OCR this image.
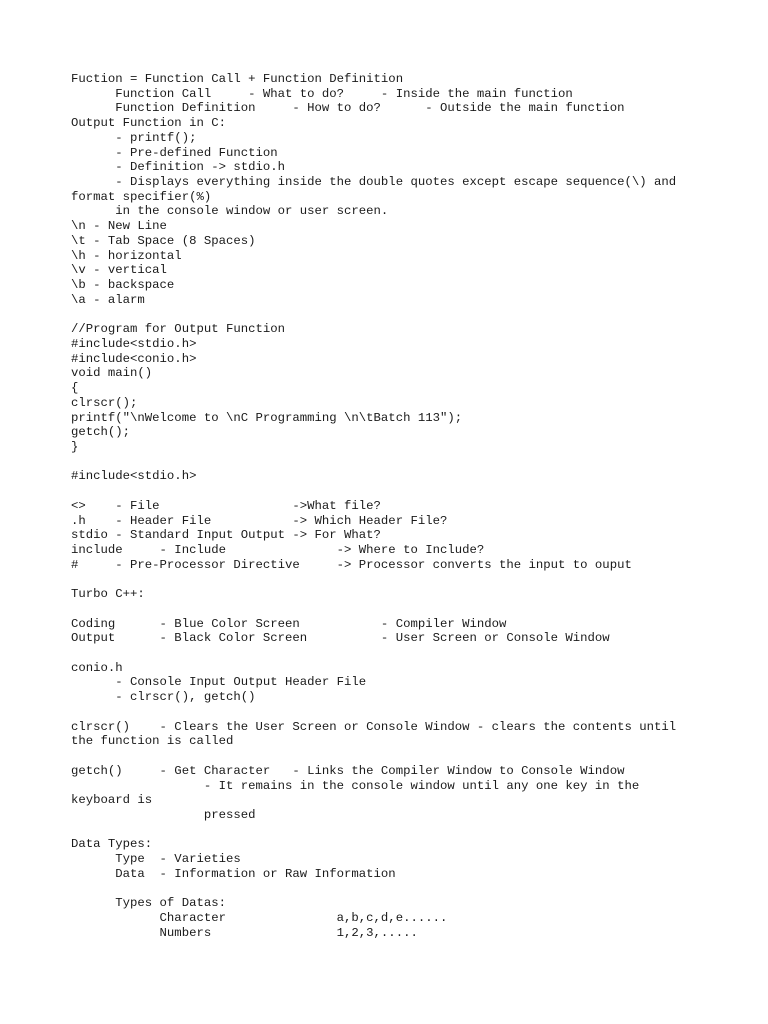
Fuction = Function Call + Function Definition
Function Call     - What to do?     - Inside the main function
Function Definition     - How to do?      - Outside the main function
Output Function in C:
- printf();
- Pre-defined Function
- Definition -> stdio.h
- Displays everything inside the double quotes except escape sequence(\) and
format specifier(%)
in the console window or user screen.
\n - New Line
\t - Tab Space (8 Spaces)
\h - horizontal
\v - vertical
\b - backspace
\a - alarm
//Program for Output Function
#include<stdio.h>
#include<conio.h>
void main()
{
clrscr();
printf("\nWelcome to \nC Programming \n\tBatch 113");
getch();
}
#include<stdio.h>
<>    - File                  ->What file?
.h    - Header File           -> Which Header File?
stdio - Standard Input Output -> For What?
include     - Include               -> Where to Include?
#     - Pre-Processor Directive     -> Processor converts the input to ouput
Turbo C++:
Coding      - Blue Color Screen           - Compiler Window
Output      - Black Color Screen          - User Screen or Console Window
conio.h
- Console Input Output Header File
- clrscr(), getch()
clrscr()    - Clears the User Screen or Console Window - clears the contents until
the function is called
getch()     - Get Character   - Links the Compiler Window to Console Window
- It remains in the console window until any one key in the
keyboard is
pressed
Data Types:
Type  - Varieties
Data  - Information or Raw Information
Types of Datas:
Character               a,b,c,d,e......
Numbers                 1,2,3,.....
